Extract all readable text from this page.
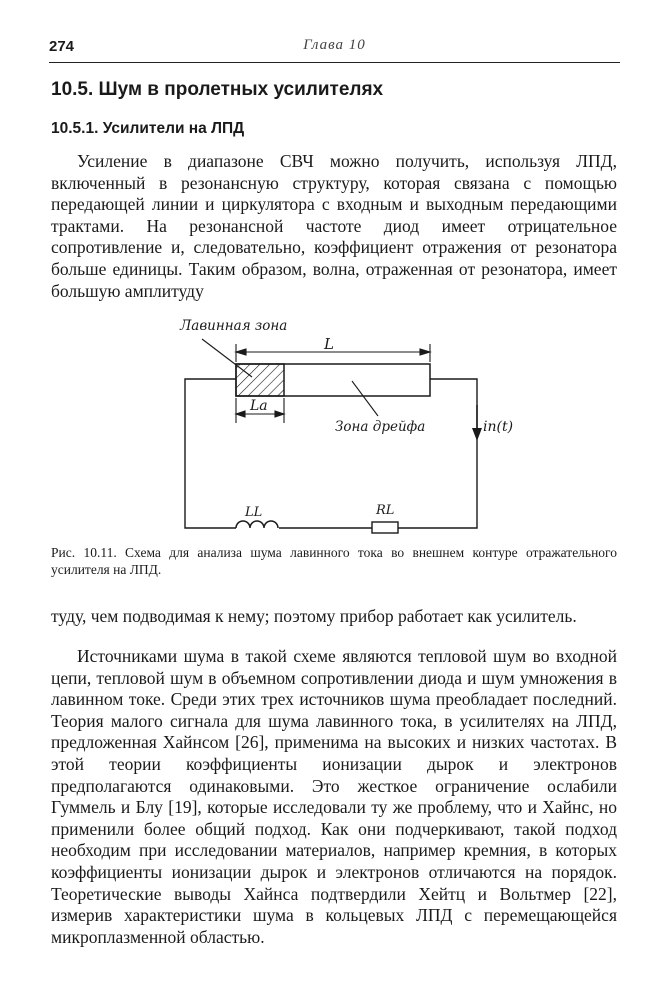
274	Глава 10
10.5. Шум в пролетных усилителях
10.5.1. Усилители на ЛПД

Усиление в диапазоне СВЧ можно получить, используя ЛПД, включенный в резонансную структуру, которая связана с помощью передающей линии и циркулятора с входным и выходным передающими трактами. На резонансной частоте диод имеет отрицательное сопротивление и, следовательно, коэффициент отражения от резонатора больше единицы. Таким образом, волна, отраженная от резонатора, имеет большую амплитуду

Лавинная зона
L
La
Зона дрейфа	iп(t)
LL	RL

Рис. 10.11. Схема для анализа шума лавинного тока во внешнем контуре отражательного усилителя на ЛПД.

туду, чем подводимая к нему; поэтому прибор работает как усилитель.

Источниками шума в такой схеме являются тепловой шум во входной цепи, тепловой шум в объемном сопротивлении диода и шум умножения в лавинном токе. Среди этих трех источников шума преобладает последний. Теория малого сигнала для шума лавинного тока, в усилителях на ЛПД, предложенная Хайнсом [26], применима на высоких и низких частотах. В этой теории коэффициенты ионизации дырок и электронов предполагаются одинаковыми. Это жесткое ограничение ослабили Гуммель и Блу [19], которые исследовали ту же проблему, что и Хайнс, но применили более общий подход. Как они подчеркивают, такой подход необходим при исследовании материалов, например кремния, в которых коэффициенты ионизации дырок и электронов отличаются на порядок. Теоретические выводы Хайнса подтвердили Хейтц и Вольтмер [22], измерив характеристики шума в кольцевых ЛПД с перемещающейся микроплазменной областью.
